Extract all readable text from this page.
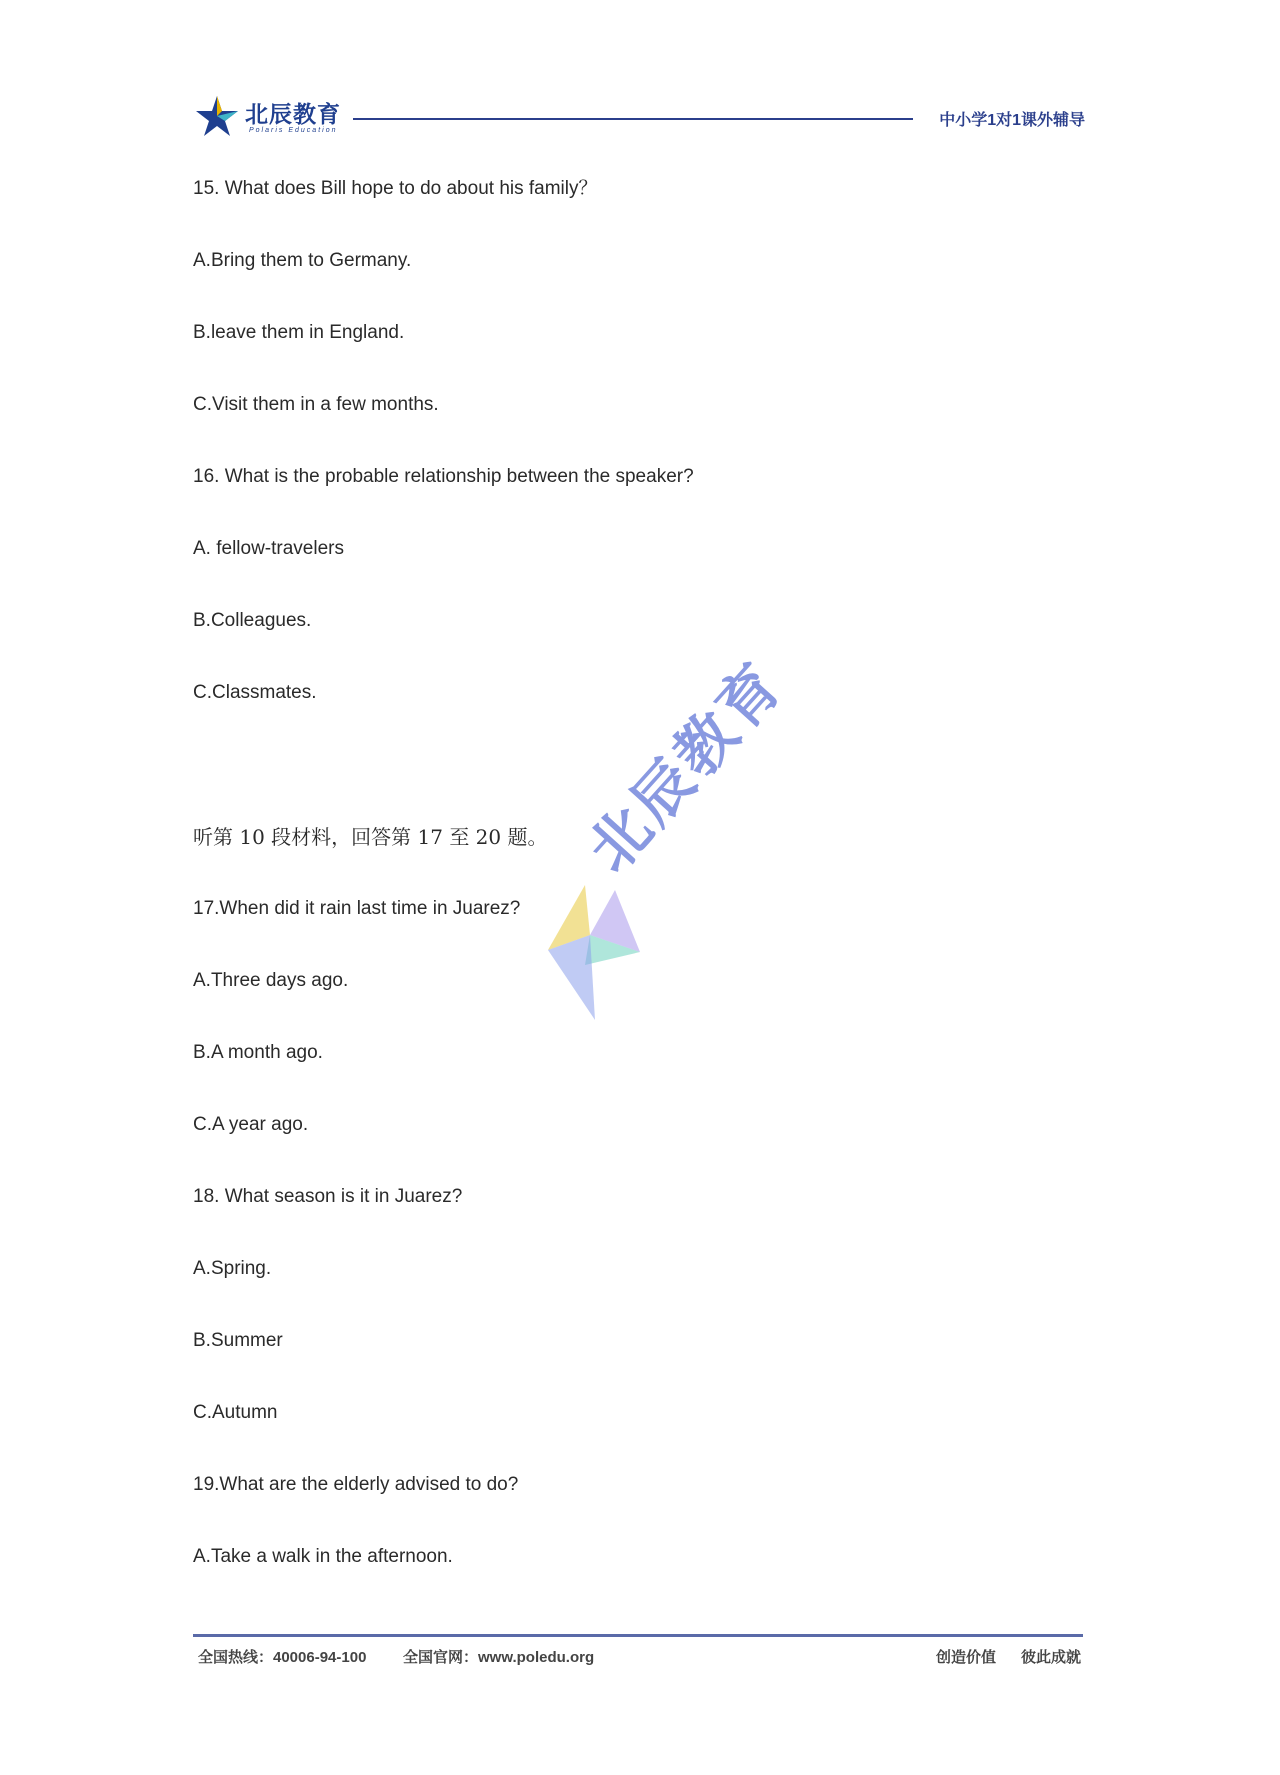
北辰教育
Polaris Education
中小学1对1课外辅导
北辰教育
15. What does Bill hope to do about his family？
A.Bring them to Germany.
B.leave them in England.
C.Visit them in a few months.
16. What is the probable relationship between the speaker?
A. fellow-travelers
B.Colleagues.
C.Classmates.
听第 10 段材料，回答第 17 至 20 题。
17.When did it rain last time in Juarez?
A.Three days ago.
B.A month ago.
C.A year ago.
18. What season is it in Juarez?
A.Spring.
B.Summer
C.Autumn
19.What are the elderly advised to do?
A.Take a walk in the afternoon.
全国热线：40006-94-100 全国官网：www.poledu.org	创造价值 彼此成就
